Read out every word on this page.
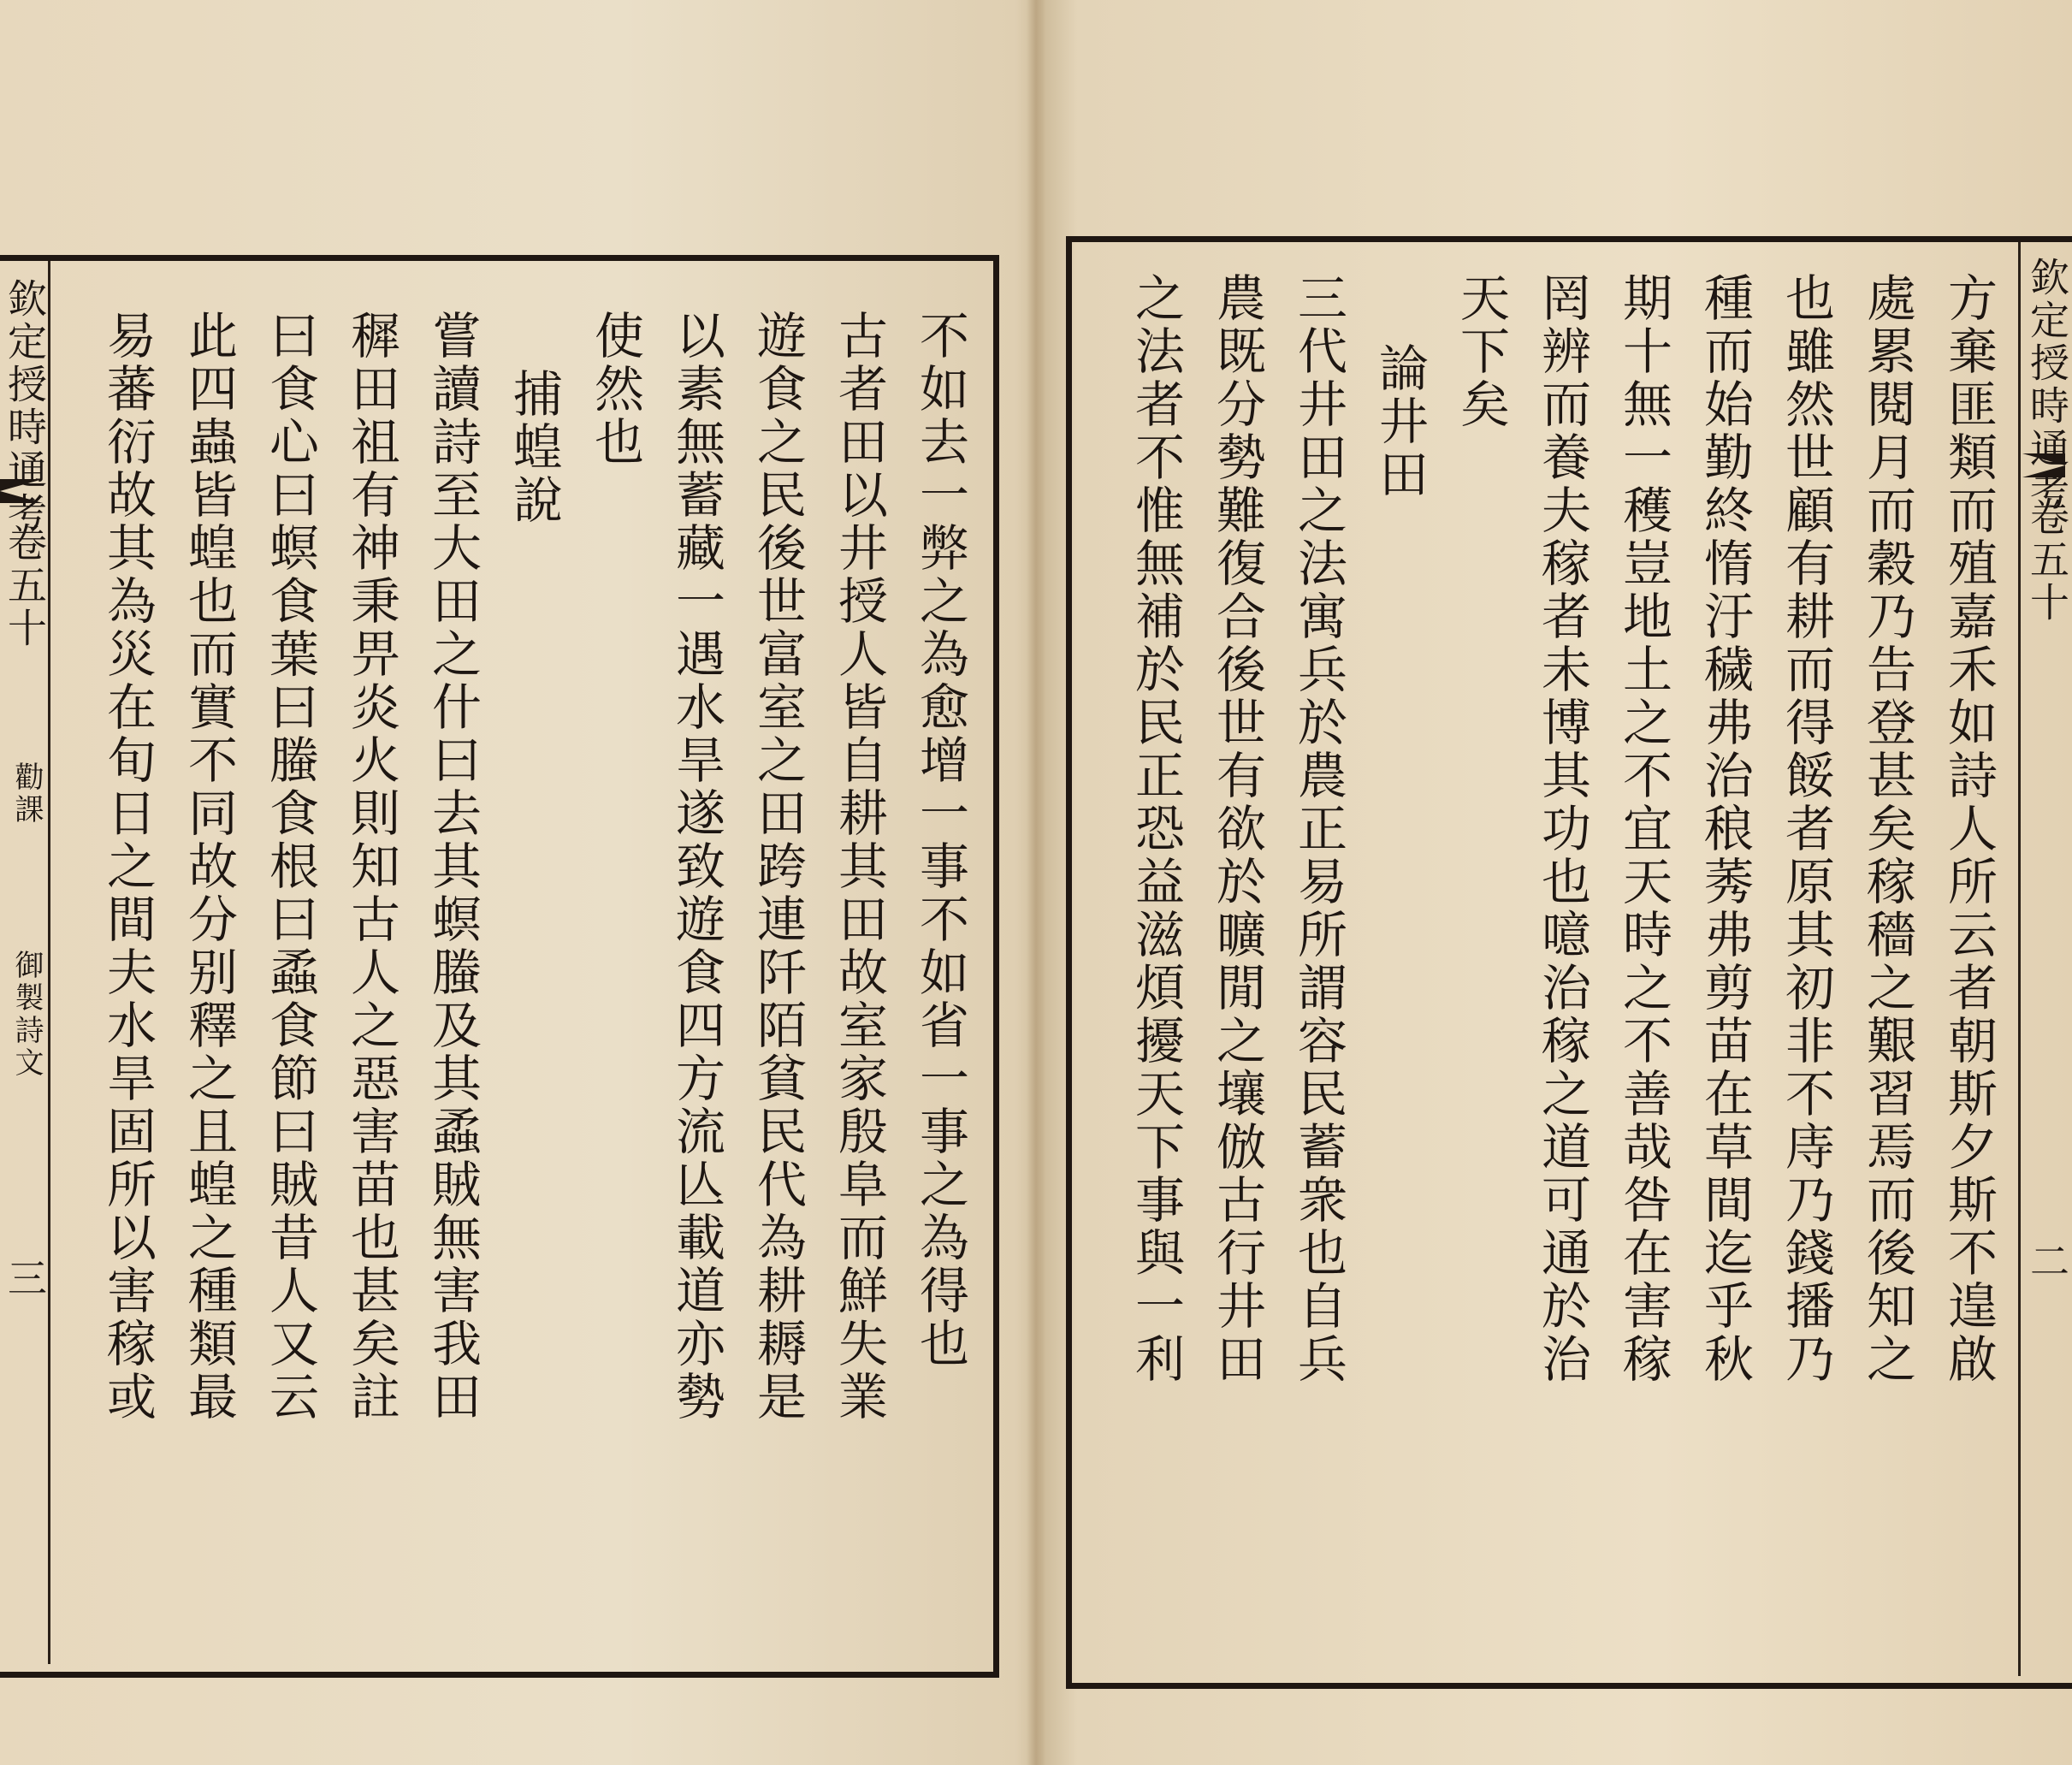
欽定授時通考
卷五十
勸課
御製詩文
三	不如去一弊之為愈增一事不如省一事之為得也
古者田以井授人皆自耕其田故室家殷阜而鮮失業
遊食之民後世富室之田跨連阡陌貧民代為耕耨是
以素無蓄藏一遇水旱遂致遊食四方流亾載道亦勢
使然也
捕蝗說
嘗讀詩至大田之什曰去其螟螣及其蟊賊無害我田
穉田祖有神秉畀炎火則知古人之惡害苗也甚矣註
曰食心曰螟食葉曰螣食根曰蟊食節曰賊昔人又云
此四蟲皆蝗也而實不同故分别釋之且蝗之種類最
易蕃衍故其為災在旬日之間夫水旱固所以害稼或	欽定授時通考
卷五十
二
方棄匪類而殖嘉禾如詩人所云者朝斯夕斯不遑啟
處累閱月而穀乃告登甚矣稼穡之艱習焉而後知之
也雖然世顧有耕而得餒者原其初非不庤乃錢播乃
種而始勤終惰汙穢弗治稂莠弗剪苗在草間迄乎秋
期十無一穫豈地土之不宜天時之不善哉咎在害稼
罔辨而養夫稼者未博其功也噫治稼之道可通於治
天下矣
論井田
三代井田之法寓兵於農正易所謂容民蓄衆也自兵
農既分勢難復合後世有欲於曠閒之壤倣古行井田
之法者不惟無補於民正恐益滋煩擾天下事與一利
